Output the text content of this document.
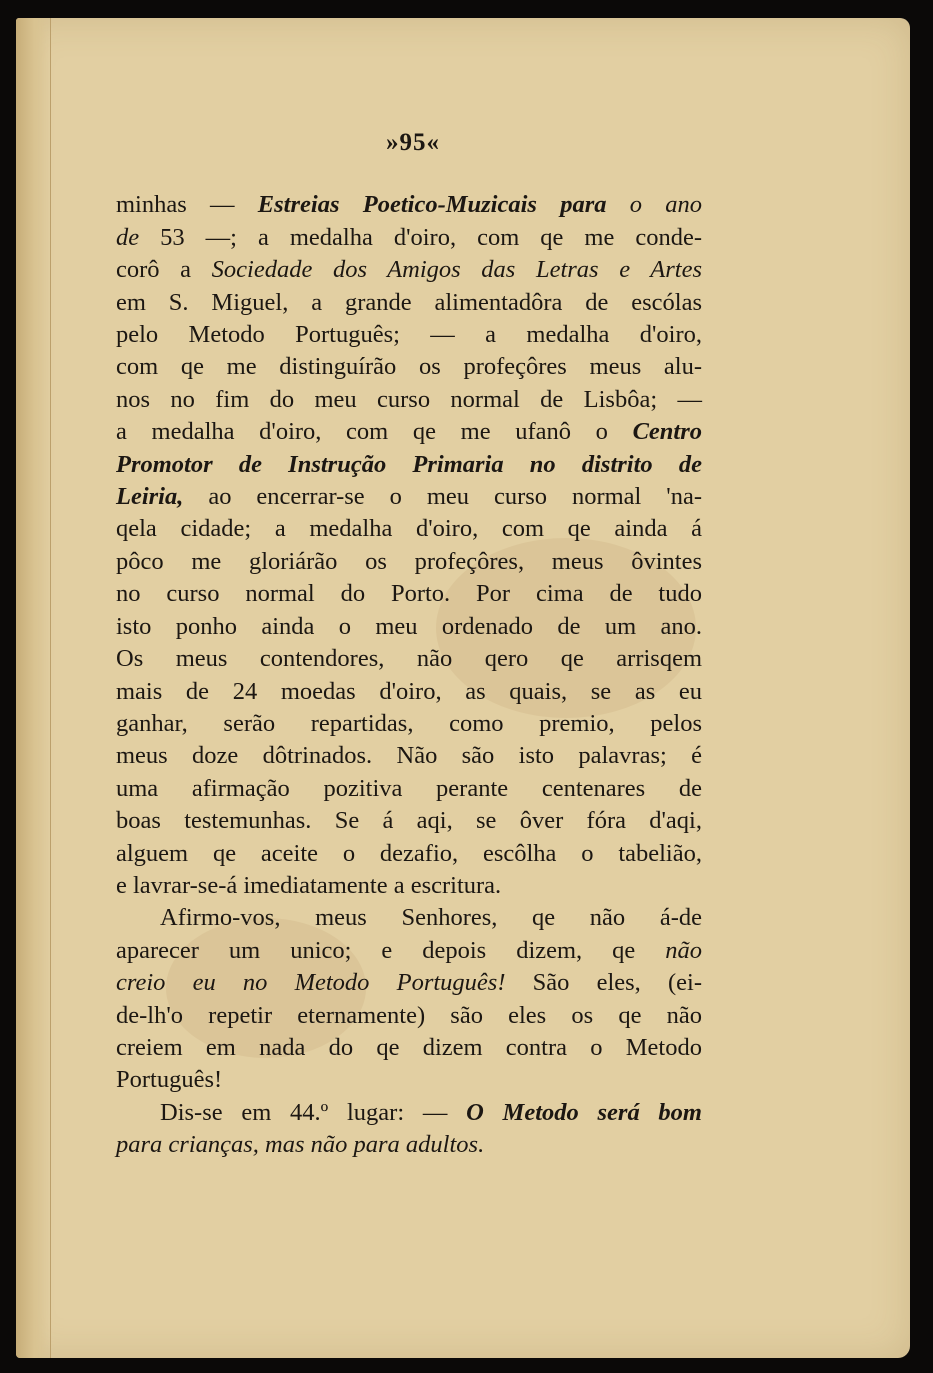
»95«
minhas — Estreias Poetico-Muzicais para o ano
de 53 —; a medalha d'oiro, com qe me conde-
corô a Sociedade dos Amigos das Letras e Artes
em S. Miguel, a grande alimentadôra de escólas
pelo Metodo Português; — a medalha d'oiro,
com qe me distinguírão os profeçôres meus alu-
nos no fim do meu curso normal de Lisbôa; —
a medalha d'oiro, com qe me ufanô o Centro
Promotor de Instrução Primaria no distrito de
Leiria, ao encerrar-se o meu curso normal 'na-
qela cidade; a medalha d'oiro, com qe ainda á
pôco me gloriárão os profeçôres, meus ôvintes
no curso normal do Porto. Por cima de tudo
isto ponho ainda o meu ordenado de um ano.
Os meus contendores, não qero qe arrisqem
mais de 24 moedas d'oiro, as quais, se as eu
ganhar, serão repartidas, como premio, pelos
meus doze dôtrinados. Não são isto palavras; é
uma afirmação pozitiva perante centenares de
boas testemunhas. Se á aqi, se ôver fóra d'aqi,
alguem qe aceite o dezafio, escôlha o tabelião,
e lavrar-se-á imediatamente a escritura.
Afirmo-vos, meus Senhores, qe não á-de
aparecer um unico; e depois dizem, qe não
creio eu no Metodo Português! São eles, (ei-
de-lh'o repetir eternamente) são eles os qe não
creiem em nada do qe dizem contra o Metodo
Português!
Dis-se em 44.º lugar: — O Metodo será bom
para crianças, mas não para adultos.
